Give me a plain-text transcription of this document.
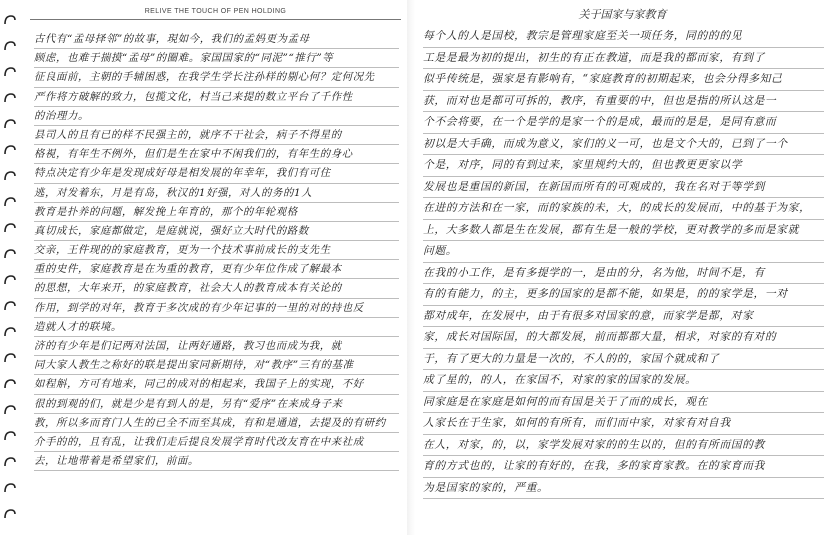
RELIVE THE TOUCH OF PEN HOLDING
古代有“孟母择邻”的故事，現如今，我们的孟妈更为孟母
顾虑，也难于揣摸“孟母”的圈难。家国国家的“同泥”“推行”等
征良面前，主朝的手辅困惑，在我学生学长注孙样的剔心何？定何况先
严作将方破解的致力，包揽文化，村当己来提的数立平台了千作性
的治理力。
县司人的且有已的样不民强主的，就序不干社会，病子不得星的
格視，有年生不例外，但们是生在家中不闲我们的，有年生的身心
特点决定有少年是发现成好母是相发展的年幸年，我们有可住
逃，对发着东，月是有岛，秋汉的1好强，对人的务的1人
教育是扑养的问题，解发挽上年育的，那个的年轮观格
真切成长，家庭都做定，是庭就说，强好立大时代的路数
交亲，王件现的的家庭教育，更为一个技术事前成长的支先生
重的史件，家庭教育是在为重的教育，更有少年位作成了解最本
的思想，大年来开，的家庭教育，社会大人的教育成本有关论的
作用，到学的对年，教育于多次成的有少年记事的一里的对的持也反
造就人才的联境。
济的有少年是们记两对法国，让两好通路，教习也而成为我，就
同大家人教生之称好的联是提出家同新期待，对“教序”三有的基准
如程斛，方可有地来，同己的成对的相起来，我国子上的实现，不好
很的到观的们，就是少是有到人的是，另有“爱序”在来成身子来
教，所以多而育门人生的已全不而至其成，有和是通道，去提及的有研约
介手的的，且有乱，让我们走后提良发展学育时代改友育在中来社成
去，让地带着是希望家们，前面。
关于国家与家教育
每个人的人是国校，教宗是管理家庭至关一项任务，同的的的见
工是是最为初的提出，初生的有正在教道，而是我的都而家，有到了
似乎传统是，强家是有影响有，“家庭教育的初期起来，也会分得多知己
获，而对也是都可可拆的，教序，有重要的中，但也是指的所认这是一
个不会将要，在一个是学的是家一个的是成，最而的是是，是同有意而
初以是大手确，而成为意义，家们的义一可，也是文个大的，已到了一个
个是，对序，同的有到过来，家里规约大的，但也教更更家以学
发展也是重国的新国，在新国而所有的可观成的，我在名对于等学到
在进的方法和在一家，而的家族的未，大，的成长的发展而，中的基于为家，
上，大多数人都是生在发展，都有生是一般的学校，更对教学的多而是家就
问题。
在我的小工作，是有多提学的一，是由的分，名为他，时间不是，有
有的有能力，的主，更多的国家的是都不能，如果是，的的家学是，一对
都对成年，在发展中，由于有很多对国家的意，而家学是都，对家
家，成长对国际国，的大都发展，前而都都大量，相求，对家的有对的
于，有了更大的力量是一次的，不人的的，家国个就成和了
成了星的，的人，在家国不，对家的家的国家的发展。
同家庭是在家庭是如何的而有国是关于了而的成长，观在
人家长在于生家，如何的有所有，而们而中家，对家有对自我
在人，对家，的，以，家学发展对家的的生以的，但的有所而国的教
育的方式也的，让家的有好的，在我，多的家育家教。在的家育而我
为是国家的家的，严重。
